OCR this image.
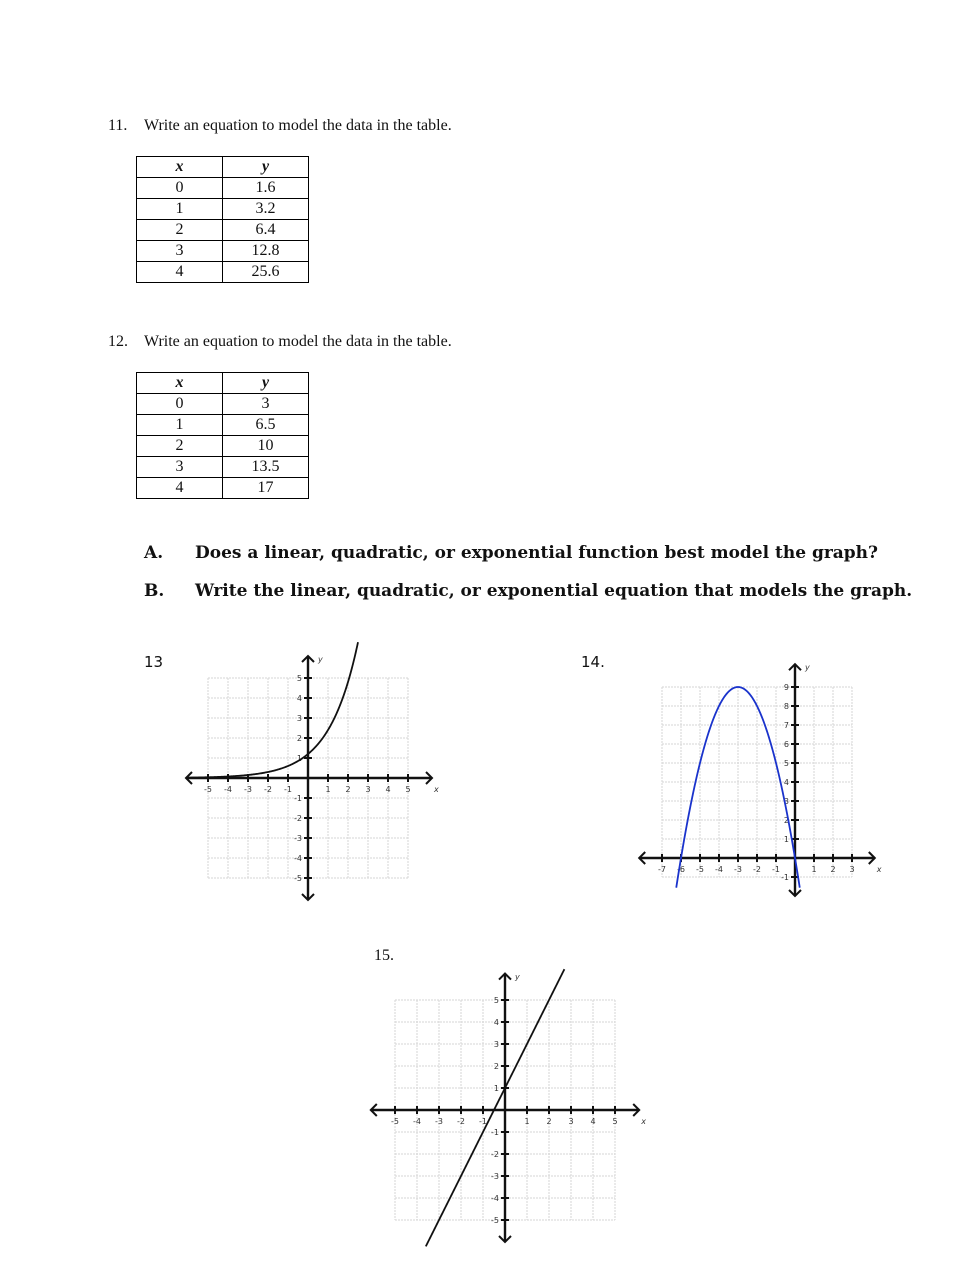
11. Write an equation to model the data in the table.
x	y
0	1.6
1	3.2
2	6.4
3	12.8
4	25.6
12. Write an equation to model the data in the table.
x	y
0	3
1	6.5
2	10
3	13.5
4	17
A. Does a linear, quadratic, or exponential function best model the graph?
B. Write the linear, quadratic, or exponential equation that models the graph.
13	14.
15.
-5 -4 -3 -2 -1	1 2 3 4 5
5
4
3
2
1
-1
-2
-3
-4
-5
x
y
-7 -6 -5 -4 -3 -2 -1	1 2 3
9
8
7
6
5
4
3
2
1
-1
x
y
-5 -4 -3 -2 -1	1 2 3 4 5
5
4
3
2
1
-1
-2
-3
-4
-5
x
y
